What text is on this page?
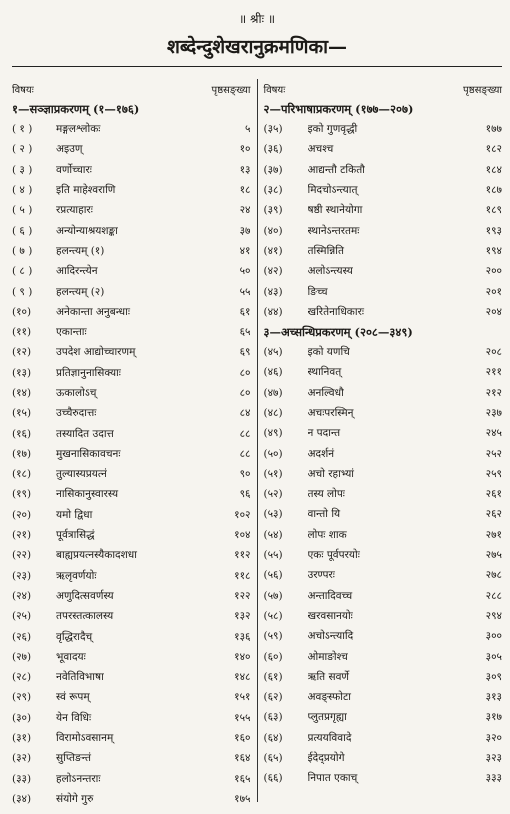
॥ श्रीः ॥
शब्देन्दुशेखरानुक्रमणिका—
विषयः	पृष्ठसङ्ख्या
१—सञ्ज्ञाप्रकरणम् (१—१७६)
( १ )	मङ्गलश्लोकः	५
( २ )	अइउण्	१०
( ३ )	वर्णोच्चारः	१३
( ४ )	इति माहेश्वराणि	१८
( ५ )	रप्रत्याहारः	२४
( ६ )	अन्योन्याश्रयशङ्का	३७
( ७ )	हलन्त्यम् (१)	४१
( ८ )	आदिरन्त्येन	५०
( ९ )	हलन्त्यम् (२)	५५
(१०)	अनेकान्ता अनुबन्धाः	६१
(११)	एकान्ताः	६५
(१२)	उपदेश आद्योच्चारणम्	६९
(१३)	प्रतिज्ञानुनासिक्याः	८०
(१४)	ऊकालोऽच्	८०
(१५)	उच्चैरुदात्तः	८४
(१६)	तस्यादित उदात्त	८८
(१७)	मुखनासिकावचनः	८८
(१८)	तुल्यास्यप्रयत्नं	९०
(१९)	नासिकानुस्वारस्य	९६
(२०)	यमो द्विधा	१०२
(२१)	पूर्वत्रासिद्धं	१०४
(२२)	बाह्यप्रयत्नस्यैकादशधा	११२
(२३)	ऋलृवर्णयोः	११८
(२४)	अणुदित्सवर्णस्य	१२२
(२५)	तपरस्तत्कालस्य	१३२
(२६)	वृद्धिरादैच्	१३६
(२७)	भूवादयः	१४०
(२८)	नवेतिविभाषा	१४८
(२९)	स्वं रूपम्	१५१
(३०)	येन विधिः	१५५
(३१)	विरामोऽवसानम्	१६०
(३२)	सुप्तिङन्तं	१६४
(३३)	हलोऽनन्तराः	१६५
(३४)	संयोगे गुरु	१७५
विषयः	पृष्ठसङ्ख्या
२—परिभाषाप्रकरणम् (१७७—२०७)
(३५)	इको गुणवृद्धी	१७७
(३६)	अचश्च	१८२
(३७)	आद्यन्तौ टकितौ	१८४
(३८)	मिदचोऽन्त्यात्	१८७
(३९)	षष्ठी स्थानेयोगा	१८९
(४०)	स्थानेऽन्तरतमः	१९३
(४१)	तस्मिन्निति	१९४
(४२)	अलोऽन्त्यस्य	२००
(४३)	ङिच्च	२०१
(४४)	खरितेनाधिकारः	२०४
३—अच्सन्धिप्रकरणम् (२०८—३४९)
(४५)	इको यणचि	२०८
(४६)	स्थानिवत्	२११
(४७)	अनल्विधौ	२१२
(४८)	अचःपरस्मिन्	२३७
(४९)	न पदान्त	२४५
(५०)	अदर्शनं	२५२
(५१)	अचो रहाभ्यां	२५९
(५२)	तस्य लोपः	२६१
(५३)	वान्तो यि	२६२
(५४)	लोपः शाक	२७१
(५५)	एकः पूर्वपरयोः	२७५
(५६)	उरण्परः	२७८
(५७)	अन्तादिवच्च	२८८
(५८)	खरवसानयोः	२९४
(५९)	अचोऽन्त्यादि	३००
(६०)	ओमाङोश्च	३०५
(६१)	ऋति सवर्णे	३०९
(६२)	अवङ्स्फोटा	३१३
(६३)	प्लुतप्रगृह्या	३१७
(६४)	प्रत्ययविवादे	३२०
(६५)	ईदेद्प्रयोगे	३२३
(६६)	निपात एकाच्	३३३
